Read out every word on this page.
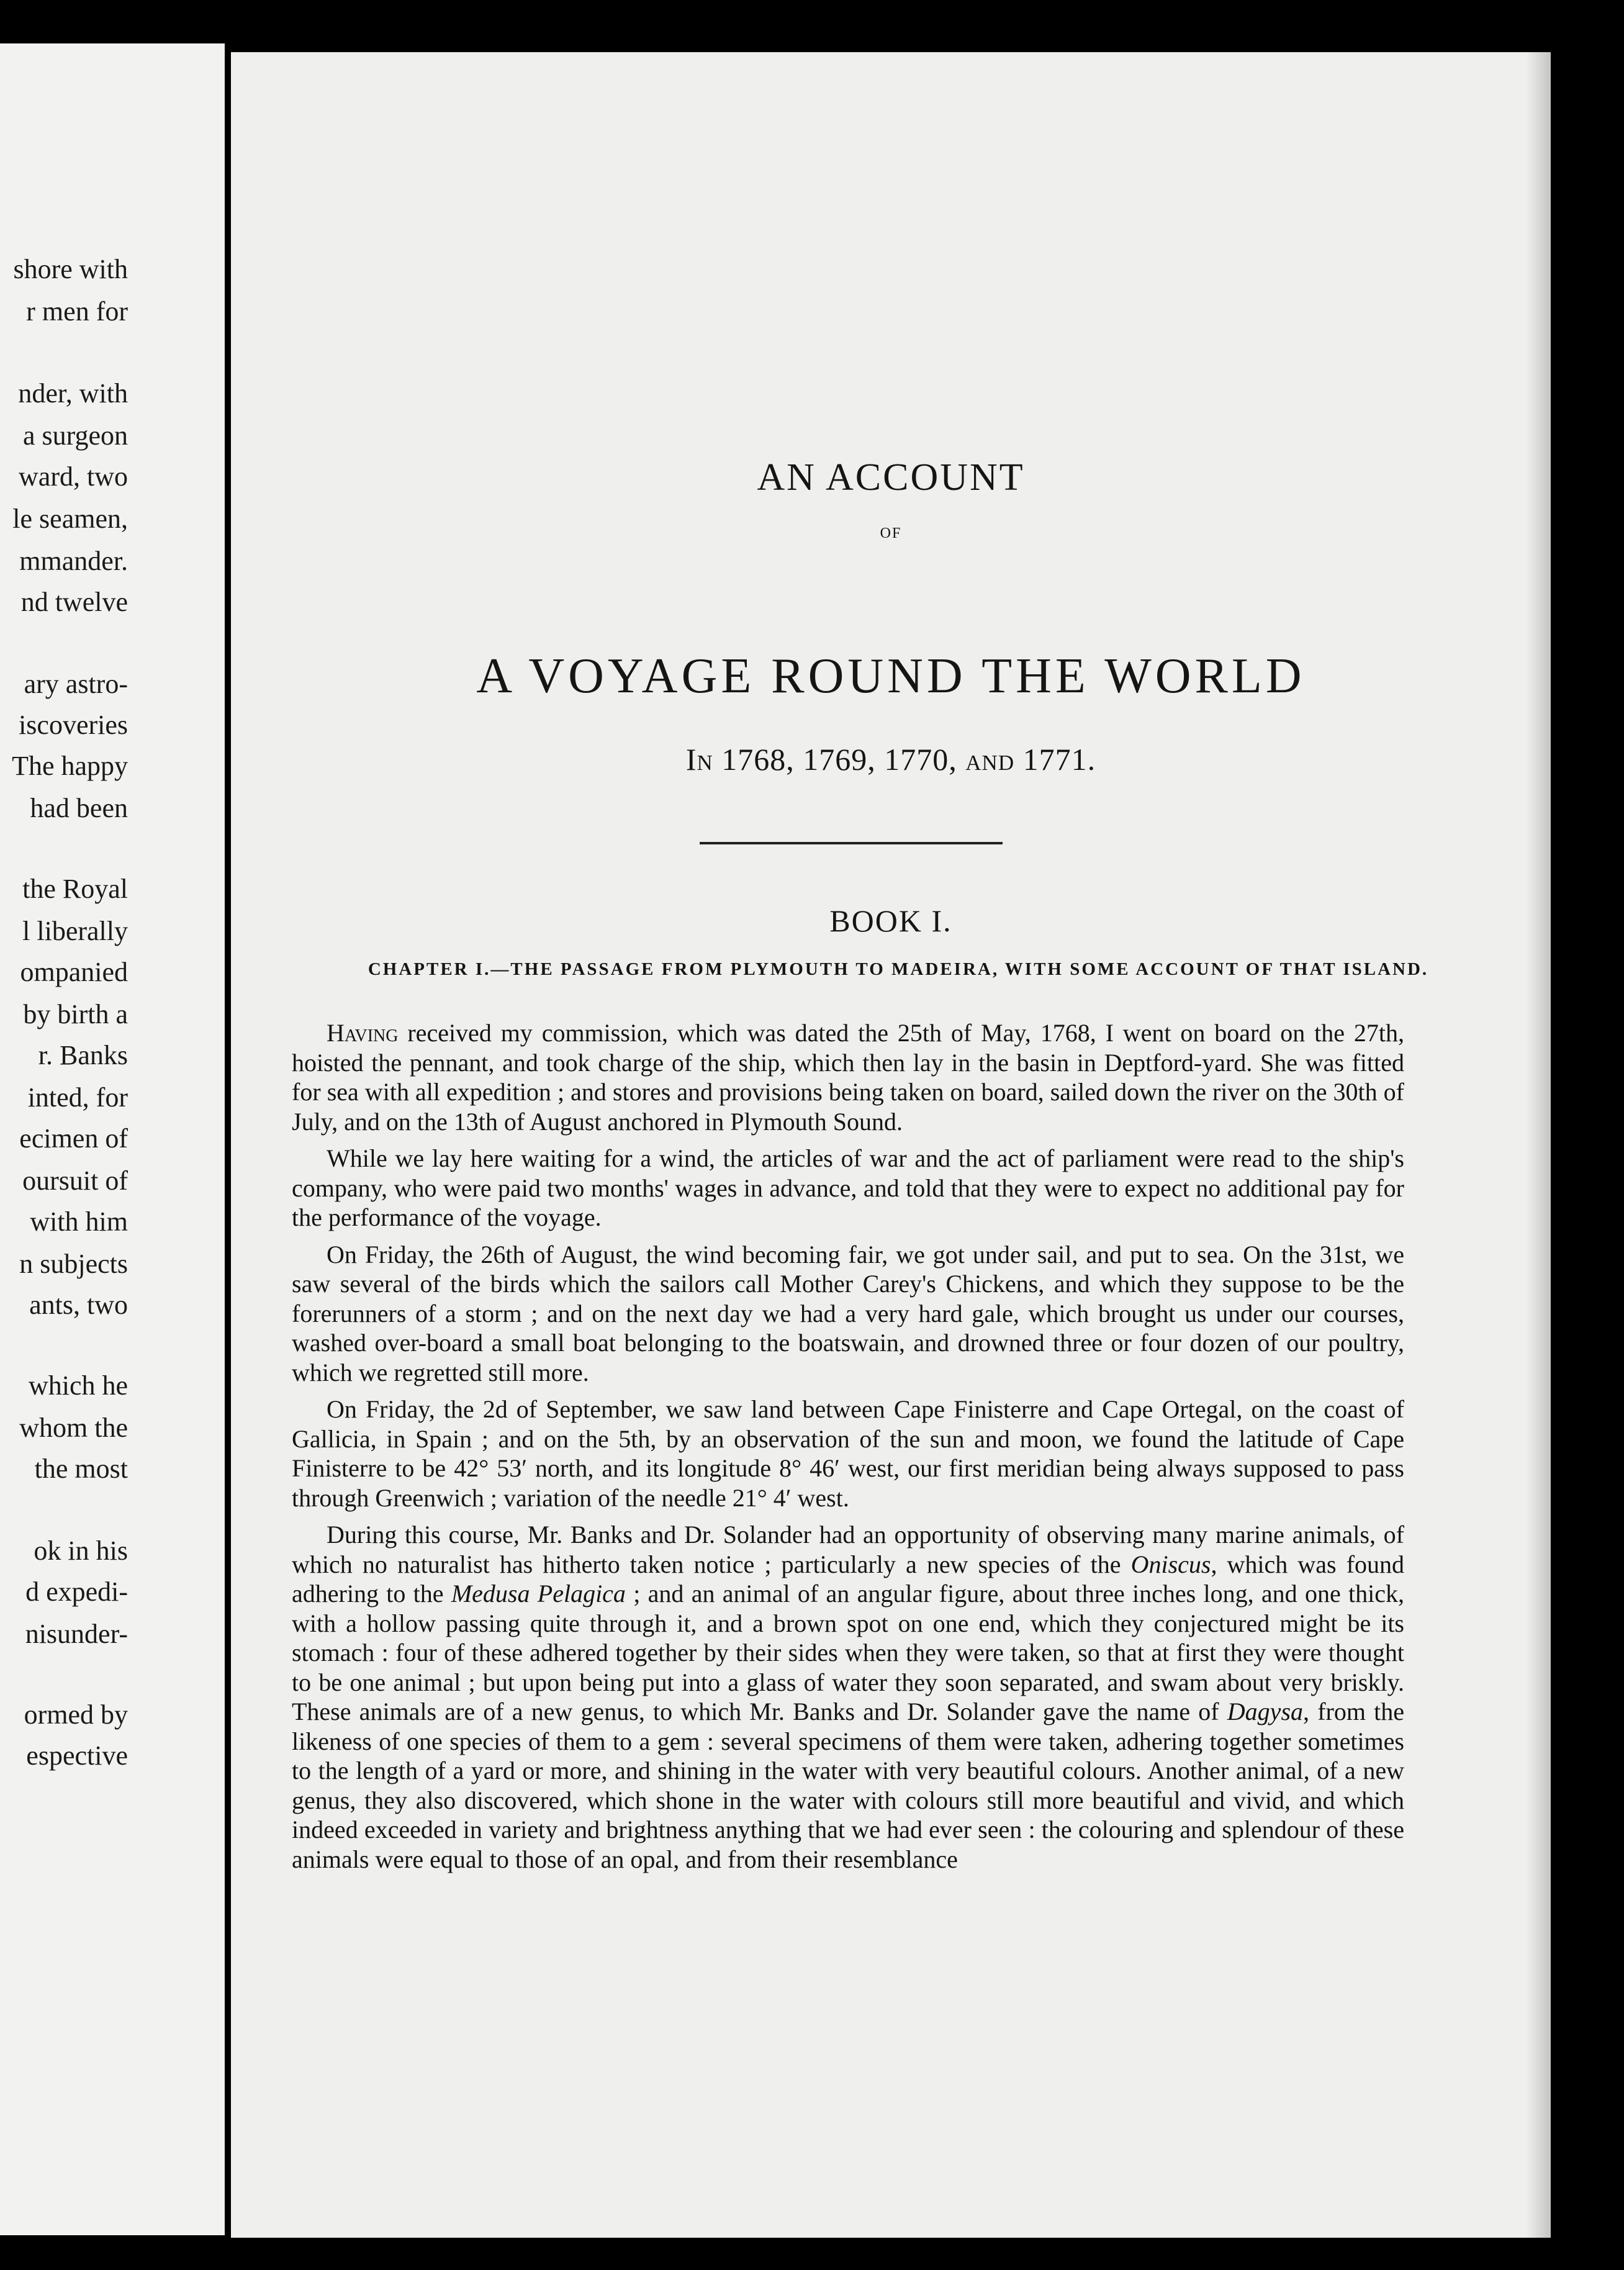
shore with
r men for
nder, with
a surgeon
ward, two
le seamen,
mmander.
nd twelve
ary astro-
iscoveries
The happy
had been
the Royal
l liberally
ompanied
by birth a
r. Banks
inted, for
ecimen of
oursuit of
with him
n subjects
ants, two
which he
whom the
the most
ok in his
d expedi-
nisunder-
ormed by
espective
AN ACCOUNT
OF
A VOYAGE ROUND THE WORLD
In 1768, 1769, 1770, and 1771.
BOOK I.
CHAPTER I.—THE PASSAGE FROM PLYMOUTH TO MADEIRA, WITH SOME ACCOUNT OF THAT ISLAND.

Having received my commission, which was dated the 25th of May, 1768, I went on board on the 27th, hoisted the pennant, and took charge of the ship, which then lay in the basin in Deptford-yard. She was fitted for sea with all expedition ; and stores and provisions being taken on board, sailed down the river on the 30th of July, and on the 13th of August anchored in Plymouth Sound.

While we lay here waiting for a wind, the articles of war and the act of parliament were read to the ship's company, who were paid two months' wages in advance, and told that they were to expect no additional pay for the performance of the voyage.

On Friday, the 26th of August, the wind becoming fair, we got under sail, and put to sea. On the 31st, we saw several of the birds which the sailors call Mother Carey's Chickens, and which they suppose to be the forerunners of a storm ; and on the next day we had a very hard gale, which brought us under our courses, washed over-board a small boat belonging to the boatswain, and drowned three or four dozen of our poultry, which we regretted still more.

On Friday, the 2d of September, we saw land between Cape Finisterre and Cape Ortegal, on the coast of Gallicia, in Spain ; and on the 5th, by an observation of the sun and moon, we found the latitude of Cape Finisterre to be 42° 53′ north, and its longitude 8° 46′ west, our first meridian being always supposed to pass through Greenwich ; variation of the needle 21° 4′ west.

During this course, Mr. Banks and Dr. Solander had an opportunity of observing many marine animals, of which no naturalist has hitherto taken notice ; particularly a new species of the Oniscus, which was found adhering to the Medusa Pelagica ; and an animal of an angular figure, about three inches long, and one thick, with a hollow passing quite through it, and a brown spot on one end, which they conjectured might be its stomach : four of these adhered together by their sides when they were taken, so that at first they were thought to be one animal ; but upon being put into a glass of water they soon separated, and swam about very briskly. These animals are of a new genus, to which Mr. Banks and Dr. Solander gave the name of Dagysa, from the likeness of one species of them to a gem : several specimens of them were taken, adhering together sometimes to the length of a yard or more, and shining in the water with very beautiful colours. Another animal, of a new genus, they also discovered, which shone in the water with colours still more beautiful and vivid, and which indeed exceeded in variety and brightness anything that we had ever seen : the colouring and splendour of these animals were equal to those of an opal, and from their resemblance
